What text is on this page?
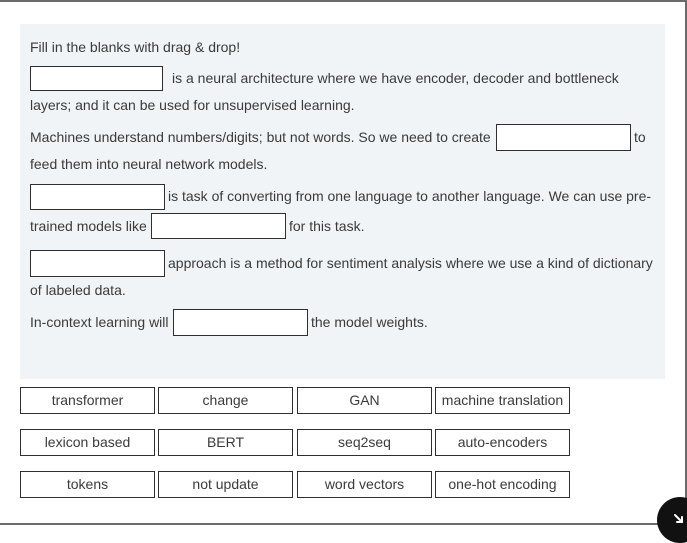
Fill in the blanks with drag & drop!
is a neural architecture where we have encoder, decoder and bottleneck
layers; and it can be used for unsupervised learning.
Machines understand numbers/digits; but not words. So we need to create	to
feed them into neural network models.
is task of converting from one language to another language. We can use pre-
trained models like	for this task.
approach is a method for sentiment analysis where we use a kind of dictionary
of labeled data.
In-context learning will	the model weights.
transformer	change	GAN	machine translation
lexicon based	BERT	seq2seq	auto-encoders
tokens	not update	word vectors	one-hot encoding
